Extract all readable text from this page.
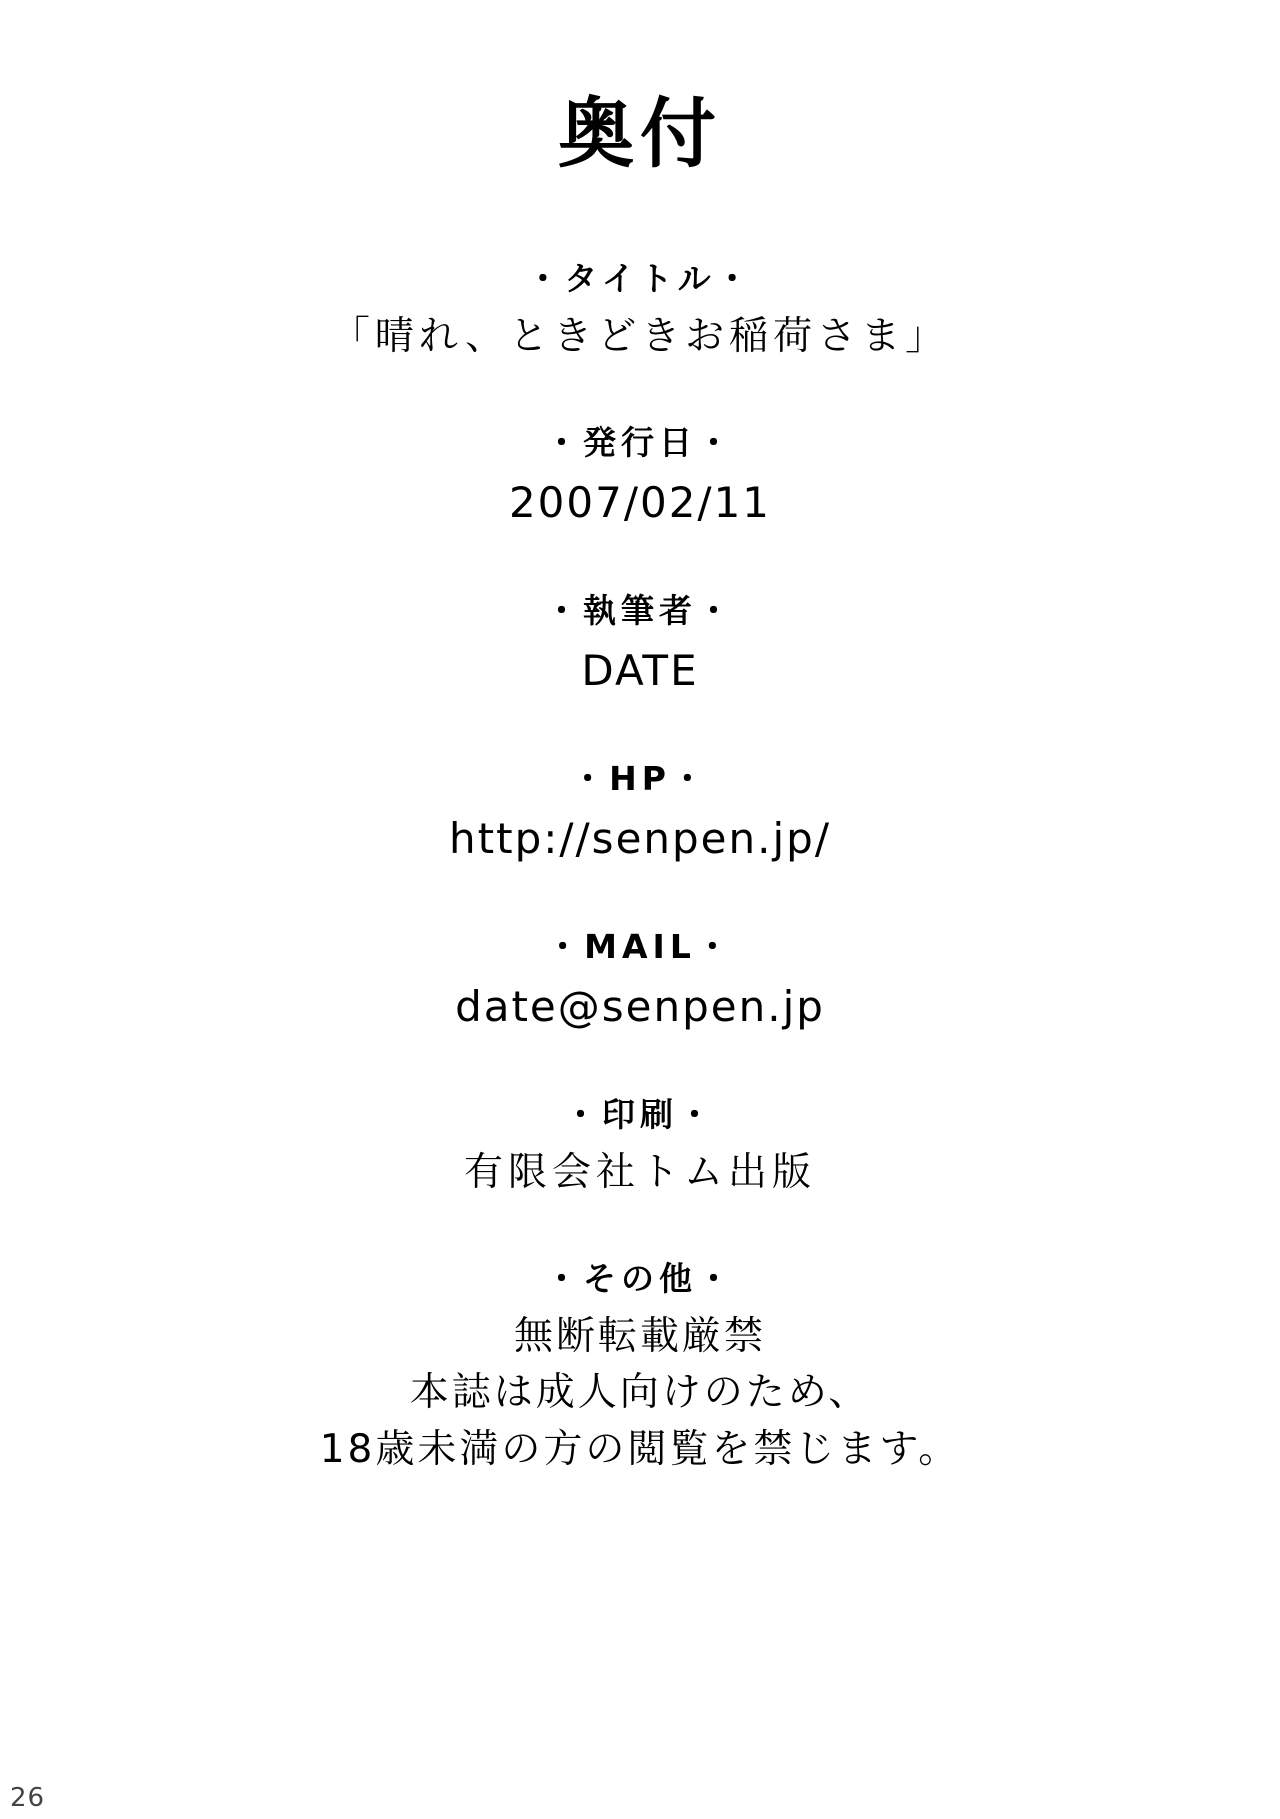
奥付
・タイトル・
「晴れ、ときどきお稲荷さま」
・発行日・
2007/02/11
・執筆者・
DATE
・HP・
http://senpen.jp/
・MAIL・
date@senpen.jp
・印刷・
有限会社トム出版
・その他・
無断転載厳禁
本誌は成人向けのため、
18歳未満の方の閲覧を禁じます。
26
